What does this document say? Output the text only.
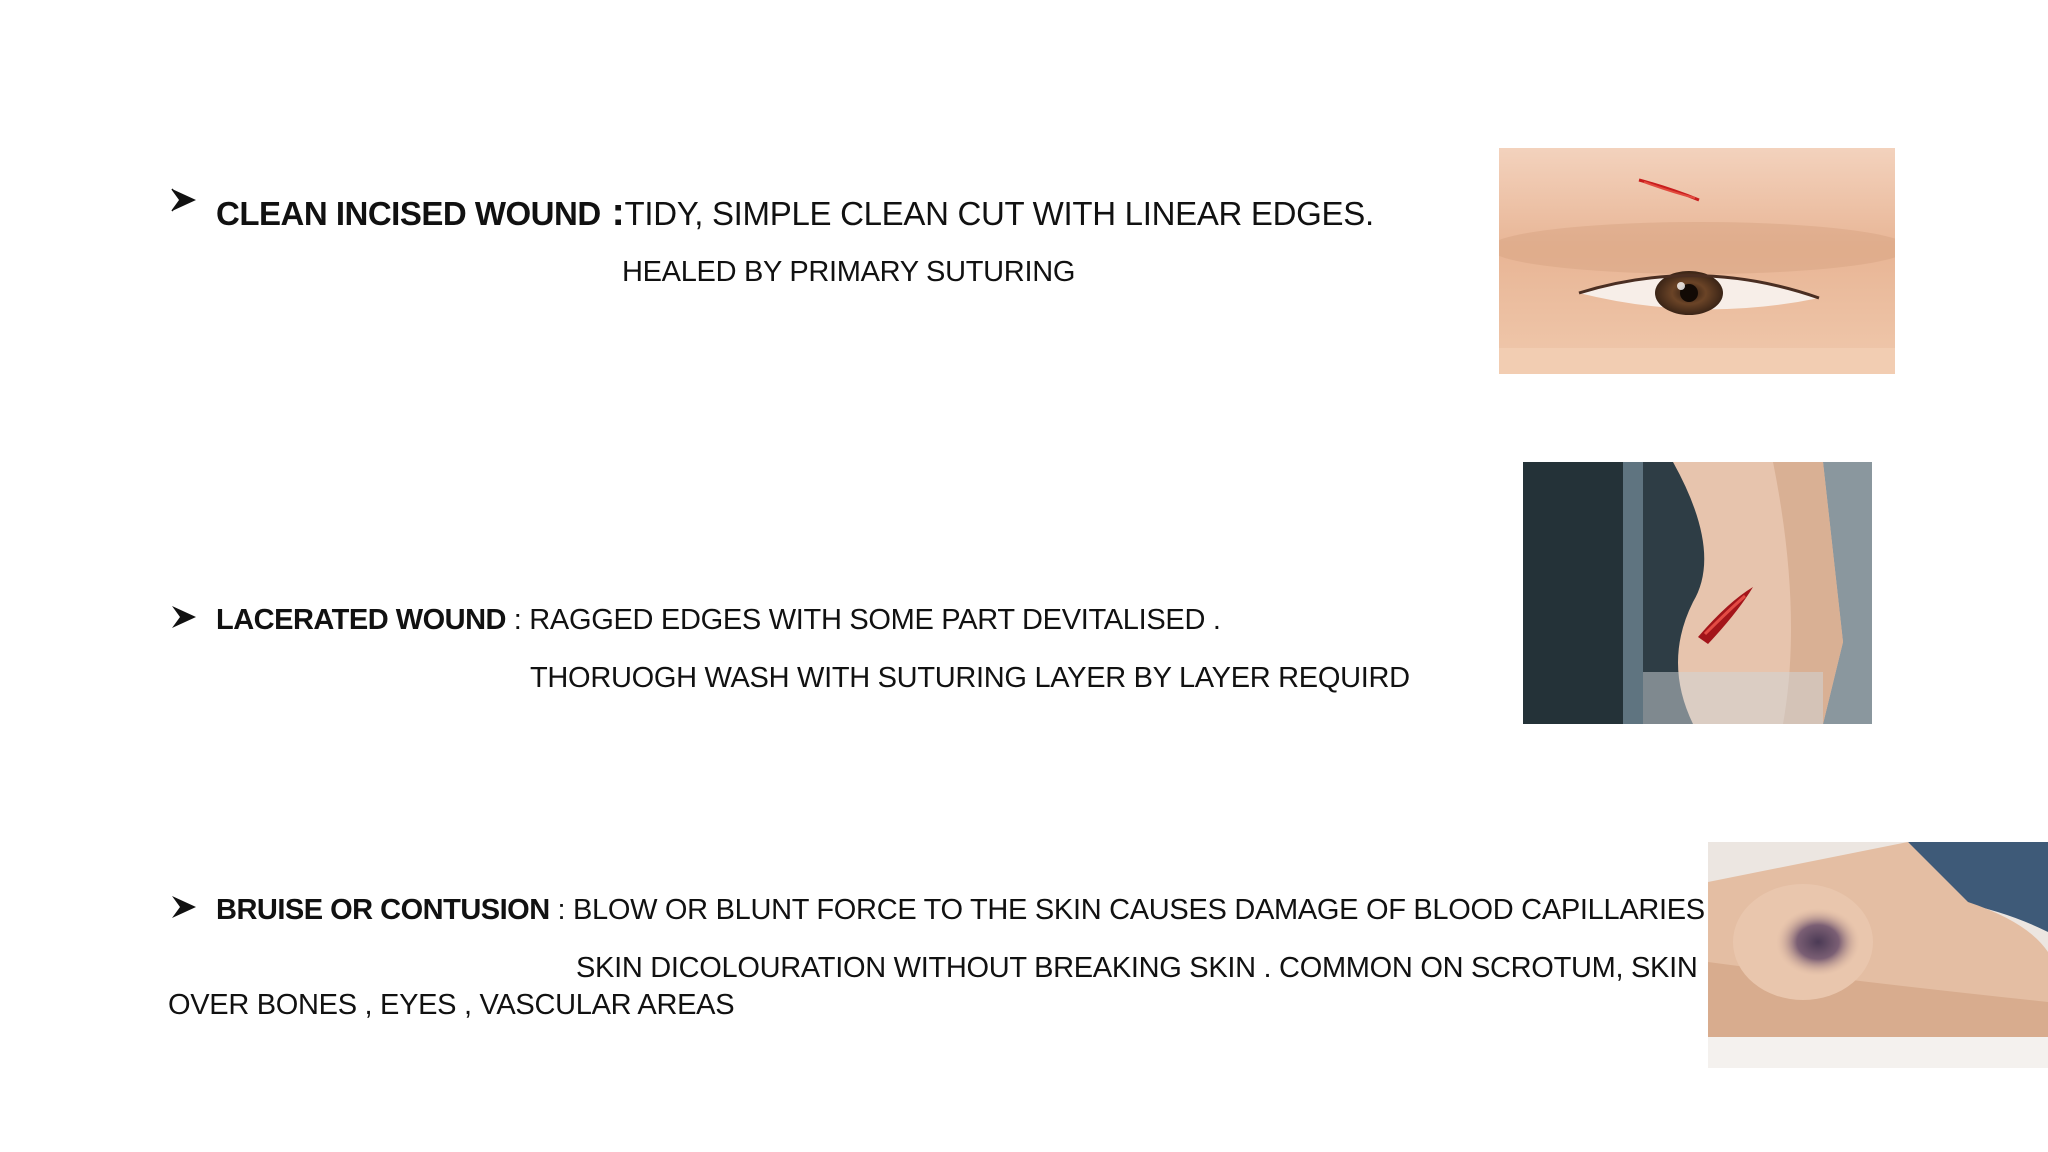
CLEAN INCISED WOUND :TIDY, SIMPLE CLEAN CUT WITH LINEAR EDGES.
HEALED BY PRIMARY SUTURING
LACERATED WOUND : RAGGED EDGES WITH SOME PART DEVITALISED .
THORUOGH WASH WITH SUTURING LAYER BY LAYER REQUIRD
BRUISE OR CONTUSION : BLOW OR BLUNT FORCE TO THE SKIN CAUSES DAMAGE OF BLOOD CAPILLARIES
SKIN DICOLOURATION WITHOUT BREAKING SKIN . COMMON ON SCROTUM, SKIN
OVER BONES , EYES , VASCULAR AREAS
